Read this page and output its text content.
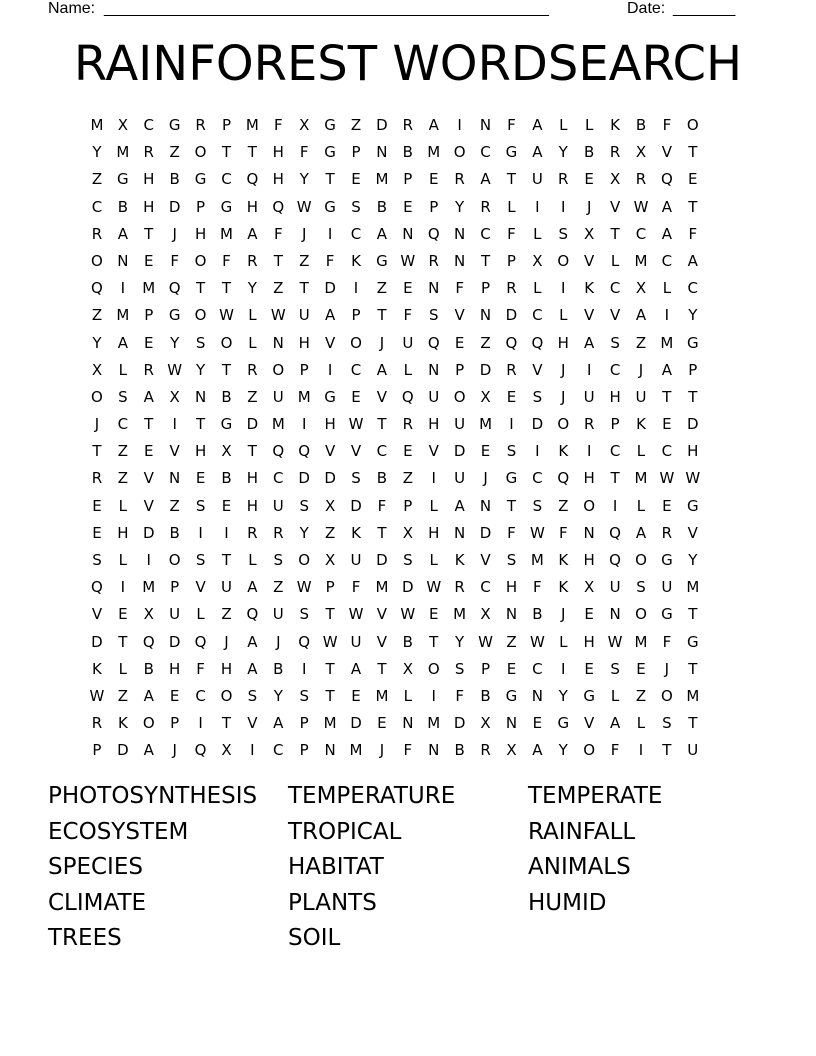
Name: __________________________________________________	Date: _______
RAINFOREST WORDSEARCH
M X	C G R	P M	F	X G Z D R	A	I	N	F	A	L	L	K	B	F	O
Y M R	Z O	T	T	H	F	G	P	N	B M O C G A	Y	B	R	X	V	T
Z G H	B G C Q H	Y	T	E M P	E	R	A	T	U	R	E	X	R Q	E
C	B	H D	P	G H Q W G	S	B	E	P	Y	R	L	I	I	J	V W A	T
R	A	T	J	H M A	F	J	I	C	A	N Q N	C	F	L	S	X	T	C	A	F
O N	E	F	O	F	R	T	Z	F	K	G W R	N	T	P	X O V	L	M C	A
Q	I	M Q	T	T	Y	Z	T	D	I	Z	E	N	F	P	R	L	I	K	C	X	L	C
Z M P	G O W L W U	A	P	T	F	S	V	N D C	L	V	V	A	I	Y
Y	A	E	Y	S	O	L	N H	V O	J	U Q	E	Z Q Q H	A	S	Z M G
X	L	R W Y	T	R O	P	I	C	A	L	N	P	D R	V	J	I	C	J	A	P
O	S	A	X	N	B	Z	U M G	E	V Q U O X	E	S	J	U H U	T	T
J	C	T	I	T	G D M	I	H W T	R	H U M	I	D O R	P	K	E	D
T	Z	E	V	H	X	T	Q Q V	V	C	E	V	D	E	S	I	K	I	C	L	C	H
R	Z	V	N	E	B	H	C D D	S	B	Z	I	U	J	G C Q H	T M W W
E	L	V	Z	S	E	H U	S	X D	F	P	L	A	N	T	S	Z O	I	L	E	G
E	H D B	I	I	R	R	Y	Z	K	T	X	H N D	F W F	N Q A	R	V
S	L	I	O	S	T	L	S	O X	U D	S	L	K	V	S M K	H Q O G	Y
Q	I	M P	V	U	A	Z W P	F	M D W R	C	H	F	K	X	U	S	U M
V	E	X	U	L	Z Q U	S	T W V W E M X	N	B	J	E	N O G	T
D	T	Q D Q	J	A	J	Q W U	V	B	T	Y W Z W L	H W M	F	G
K	L	B	H	F	H	A	B	I	T	A	T	X O	S	P	E	C	I	E	S	E	J	T
W Z	A	E	C O	S	Y	S	T	E M	L	I	F	B G N	Y	G	L	Z O M
R	K	O	P	I	T	V	A	P M D	E	N M D X	N	E	G V	A	L	S	T
P	D A	J	Q X	I	C	P	N M	J	F	N	B	R	X	A	Y	O	F	I	T	U
PHOTOSYNTHESIS	TEMPERATURE	TEMPERATE
ECOSYSTEM	TROPICAL	RAINFALL
SPECIES	HABITAT	ANIMALS
CLIMATE	PLANTS	HUMID
TREES	SOIL
